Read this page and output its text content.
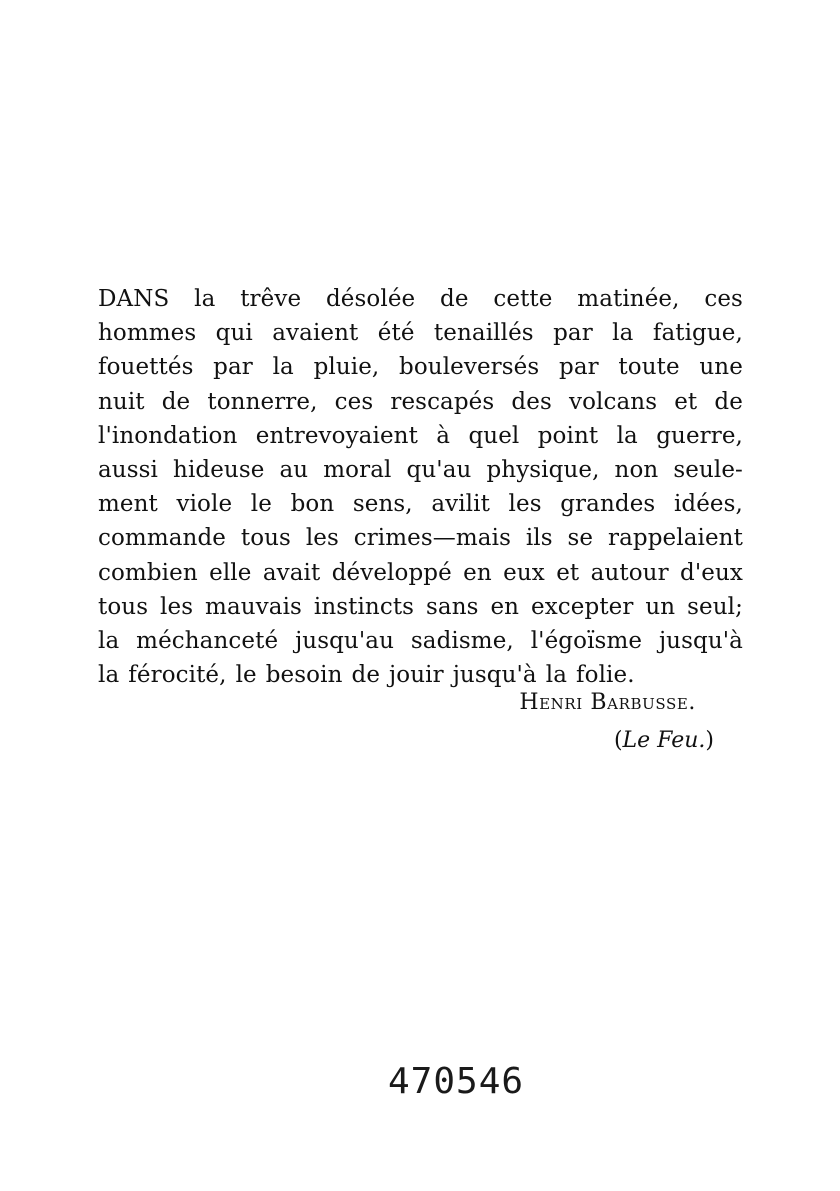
DANS la trêve désolée de cette matinée, ces
hommes qui avaient été tenaillés par la fatigue,
fouettés par la pluie, bouleversés par toute une
nuit de tonnerre, ces rescapés des volcans et de
l'inondation entrevoyaient à quel point la guerre,
aussi hideuse au moral qu'au physique, non seule-
ment viole le bon sens, avilit les grandes idées,
commande tous les crimes—mais ils se rappelaient
combien elle avait développé en eux et autour d'eux
tous les mauvais instincts sans en excepter un seul;
la méchanceté jusqu'au sadisme, l'égoïsme jusqu'à
la férocité, le besoin de jouir jusqu'à la folie.
Henri Barbusse.
(Le Feu.)
470546
